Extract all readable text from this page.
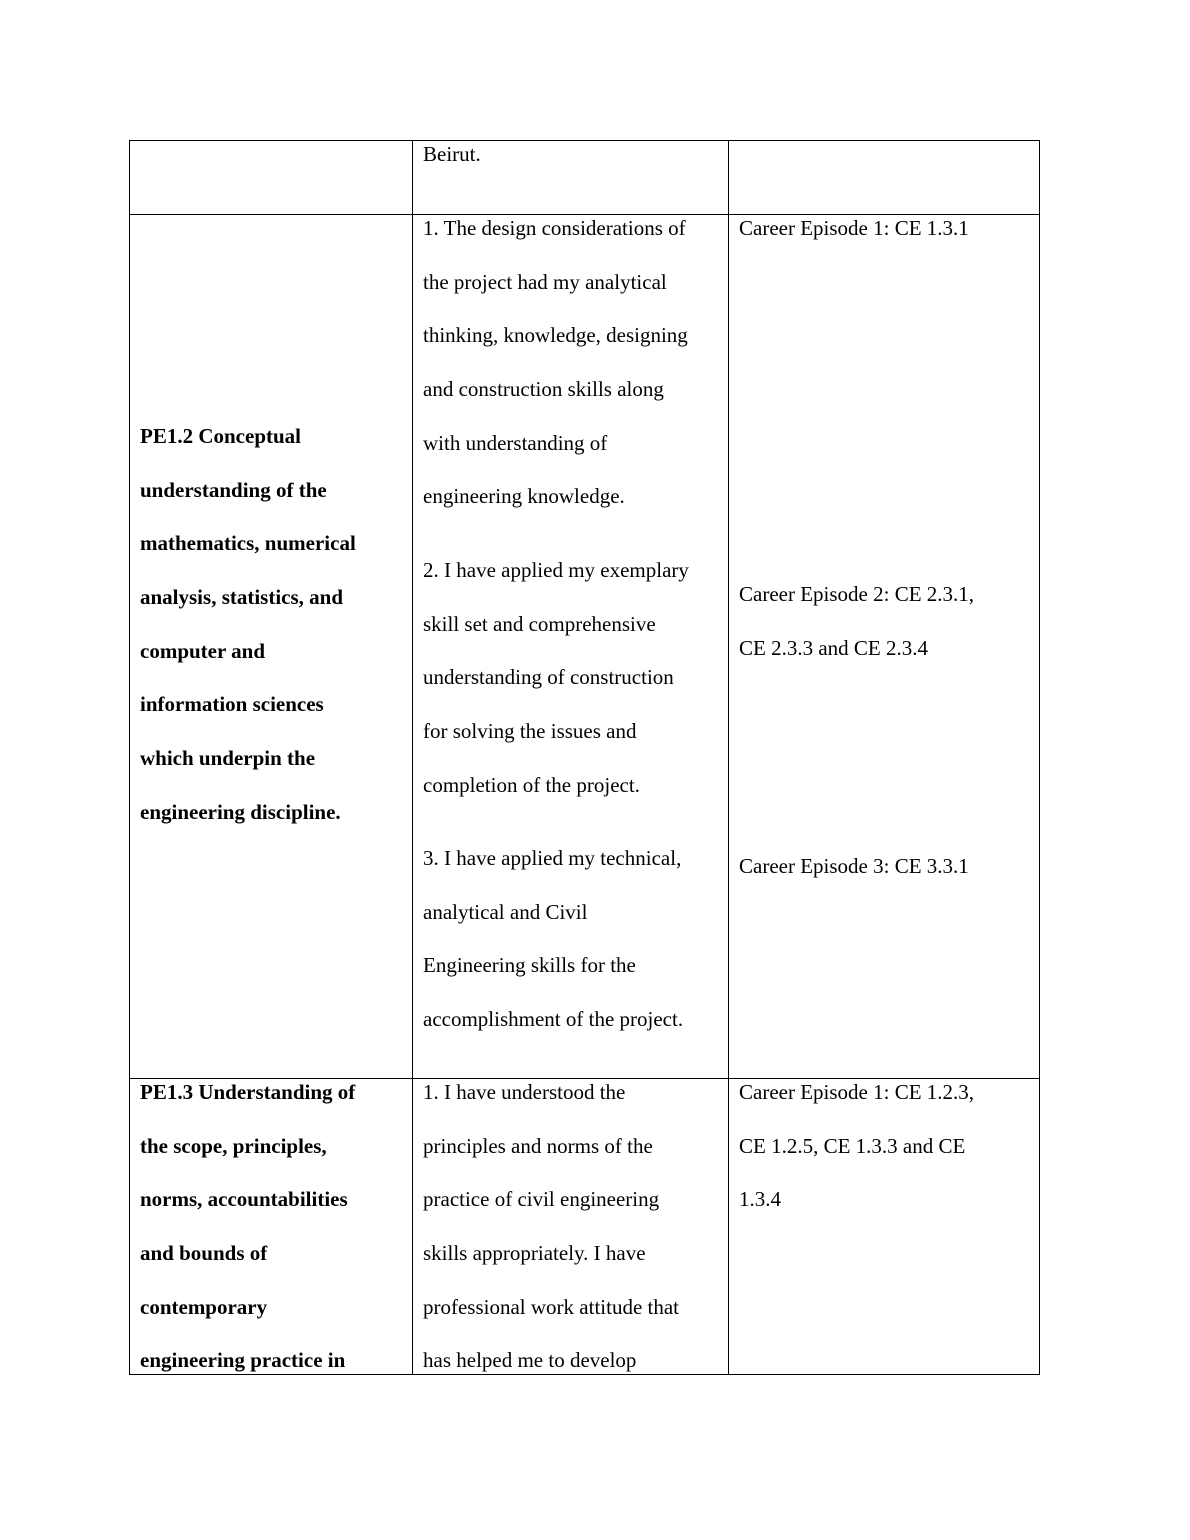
Beirut.
PE1.2 Conceptual
understanding of the
mathematics, numerical
analysis, statistics, and
computer and
information sciences
which underpin the
engineering discipline.
1. The design considerations of
the project had my analytical
thinking, knowledge, designing
and construction skills along
with understanding of
engineering knowledge.
2. I have applied my exemplary
skill set and comprehensive
understanding of construction
for solving the issues and
completion of the project.
3. I have applied my technical,
analytical and Civil
Engineering skills for the
accomplishment of the project.
Career Episode 1: CE 1.3.1
Career Episode 2: CE 2.3.1,
CE 2.3.3 and CE 2.3.4
Career Episode 3: CE 3.3.1
PE1.3 Understanding of
the scope, principles,
norms, accountabilities
and bounds of
contemporary
engineering practice in
1. I have understood the
principles and norms of the
practice of civil engineering
skills appropriately. I have
professional work attitude that
has helped me to develop
Career Episode 1: CE 1.2.3,
CE 1.2.5, CE 1.3.3 and CE
1.3.4
